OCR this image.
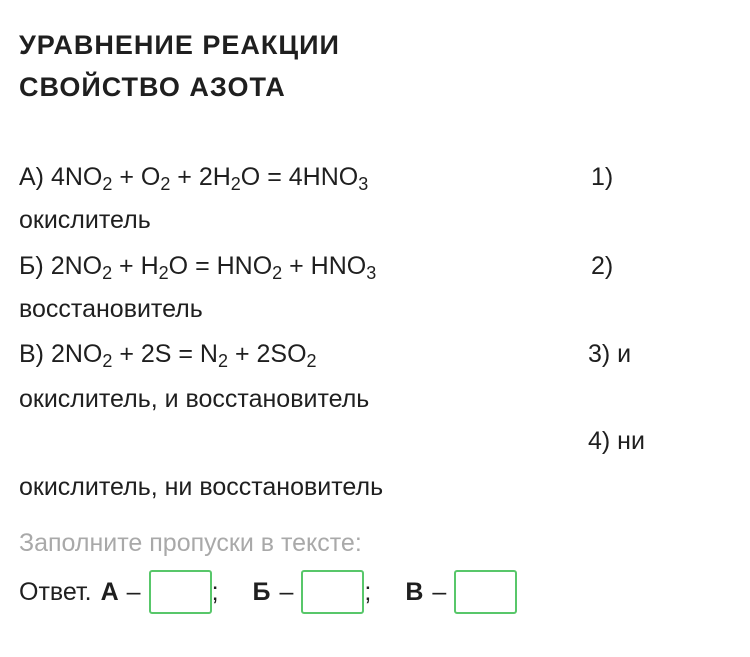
УРАВНЕНИЕ РЕАКЦИИ
СВОЙСТВО АЗОТА
А) $4NO_2 + O_2 + 2H_2O = 4HNO_3$	1)
окислитель
Б) $2NO_2 + H_2O = HNO_2 + HNO_3$	2)
восстановитель
В) $2NO_2 + 2S = N_2 + 2SO_2$	3) и
окислитель, и восстановитель
4) ни
окислитель, ни восстановитель
Заполните пропуски в тексте:
Ответ. А –	; Б –	; В –
